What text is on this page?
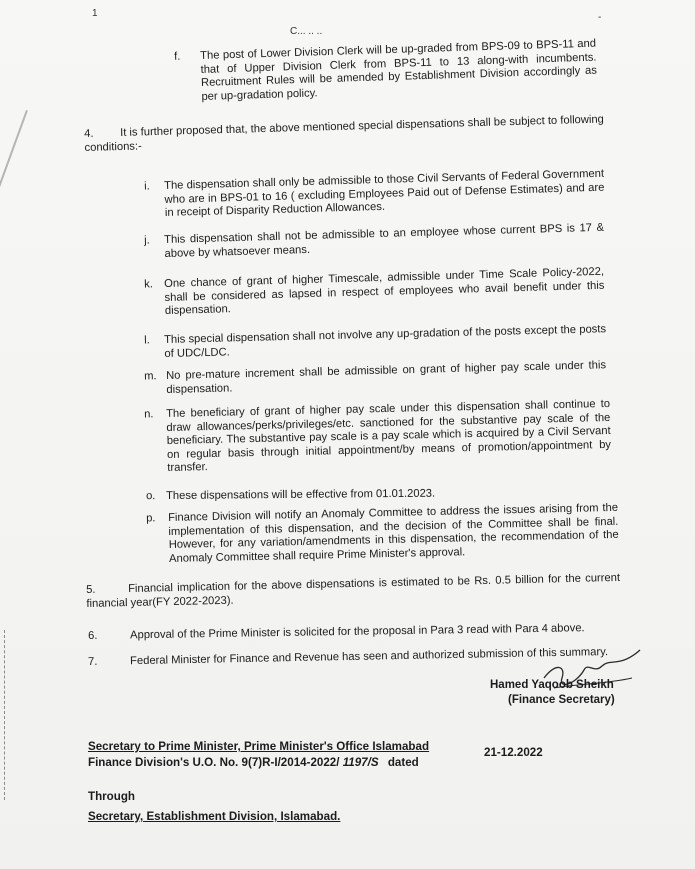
1
C... .. ..
-
f. The post of Lower Division Clerk will be up-graded from BPS-09 to BPS-11 and that of Upper Division Clerk from BPS-11 to 13 along-with incumbents. Recruitment Rules will be amended by Establishment Division accordingly as per up-gradation policy.
4. It is further proposed that, the above mentioned special dispensations shall be subject to following conditions:-
i. The dispensation shall only be admissible to those Civil Servants of Federal Government who are in BPS-01 to 16 ( excluding Employees Paid out of Defense Estimates) and are in receipt of Disparity Reduction Allowances.
j. This dispensation shall not be admissible to an employee whose current BPS is 17 & above by whatsoever means.
k. One chance of grant of higher Timescale, admissible under Time Scale Policy-2022, shall be considered as lapsed in respect of employees who avail benefit under this dispensation.
l. This special dispensation shall not involve any up-gradation of the posts except the posts of UDC/LDC.
m. No pre-mature increment shall be admissible on grant of higher pay scale under this dispensation.
n. The beneficiary of grant of higher pay scale under this dispensation shall continue to draw allowances/perks/privileges/etc. sanctioned for the substantive pay scale of the beneficiary. The substantive pay scale is a pay scale which is acquired by a Civil Servant on regular basis through initial appointment/by means of promotion/appointment by transfer.
o. These dispensations will be effective from 01.01.2023.
p. Finance Division will notify an Anomaly Committee to address the issues arising from the implementation of this dispensation, and the decision of the Committee shall be final. However, for any variation/amendments in this dispensation, the recommendation of the Anomaly Committee shall require Prime Minister's approval.
5.	Financial implication for the above dispensations is estimated to be Rs. 0.5 billion for the current financial year(FY 2022-2023).
6.	Approval of the Prime Minister is solicited for the proposal in Para 3 read with Para 4 above.
7.	Federal Minister for Finance and Revenue has seen and authorized submission of this summary.
Hamed Yaqoob Sheikh
(Finance Secretary)
Secretary to Prime Minister, Prime Minister's Office Islamabad
Finance Division's U.O. No. 9(7)R-I/2014-2022/ 1197/S dated
21-12.2022
Through
Secretary, Establishment Division, Islamabad.
